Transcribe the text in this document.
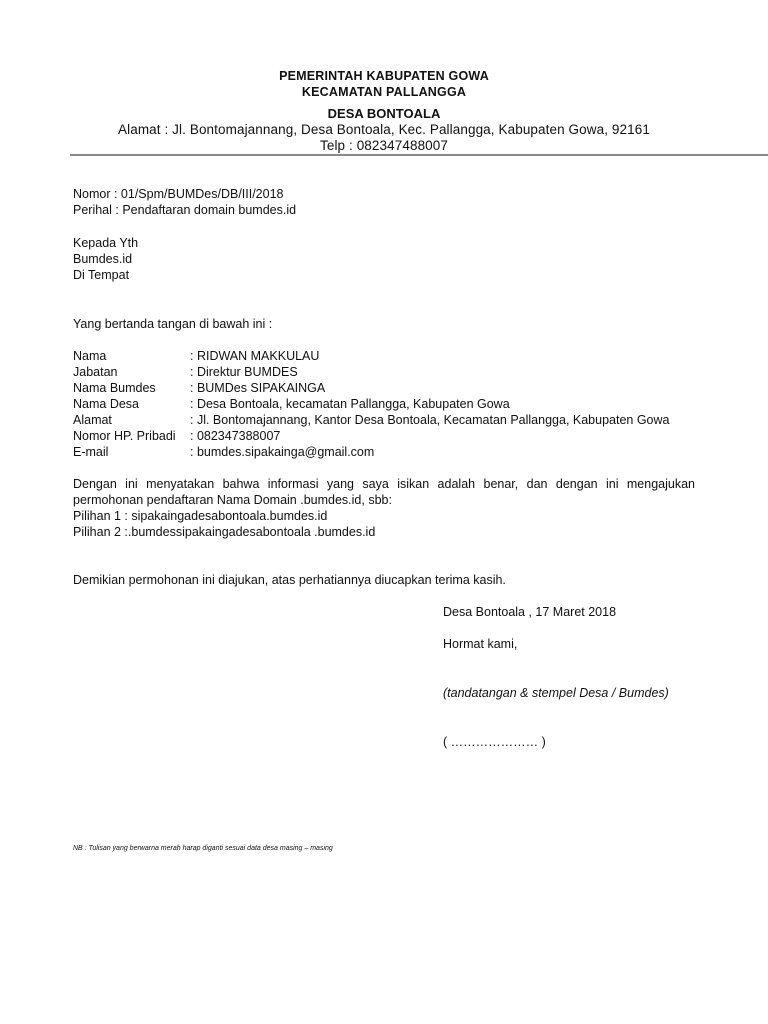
PEMERINTAH KABUPATEN GOWA
KECAMATAN PALLANGGA
DESA BONTOALA
Alamat : Jl. Bontomajannang, Desa Bontoala, Kec. Pallangga, Kabupaten Gowa, 92161
Telp : 082347488007
Nomor : 01/Spm/BUMDes/DB/III/2018
Perihal : Pendaftaran domain bumdes.id
Kepada Yth
Bumdes.id
Di Tempat
Yang bertanda tangan di bawah ini :
Nama	: RIDWAN MAKKULAU
Jabatan	: Direktur BUMDES
Nama Bumdes	: BUMDes SIPAKAINGA
Nama Desa	: Desa Bontoala, kecamatan Pallangga, Kabupaten Gowa
Alamat	: Jl. Bontomajannang, Kantor Desa Bontoala, Kecamatan Pallangga, Kabupaten Gowa
Nomor HP. Pribadi : 082347388007
E-mail	: bumdes.sipakainga@gmail.com
Dengan ini menyatakan bahwa informasi yang saya isikan adalah benar, dan dengan ini mengajukan
permohonan pendaftaran Nama Domain .bumdes.id, sbb:
Pilihan 1 : sipakaingadesabontoala.bumdes.id
Pilihan 2 :.bumdessipakaingadesabontoala .bumdes.id
Demikian permohonan ini diajukan, atas perhatiannya diucapkan terima kasih.
Desa Bontoala , 17 Maret 2018
Hormat kami,
(tandatangan & stempel Desa / Bumdes)
( ………………… )
NB : Tulisan yang berwarna merah harap diganti sesuai data desa masing – masing
